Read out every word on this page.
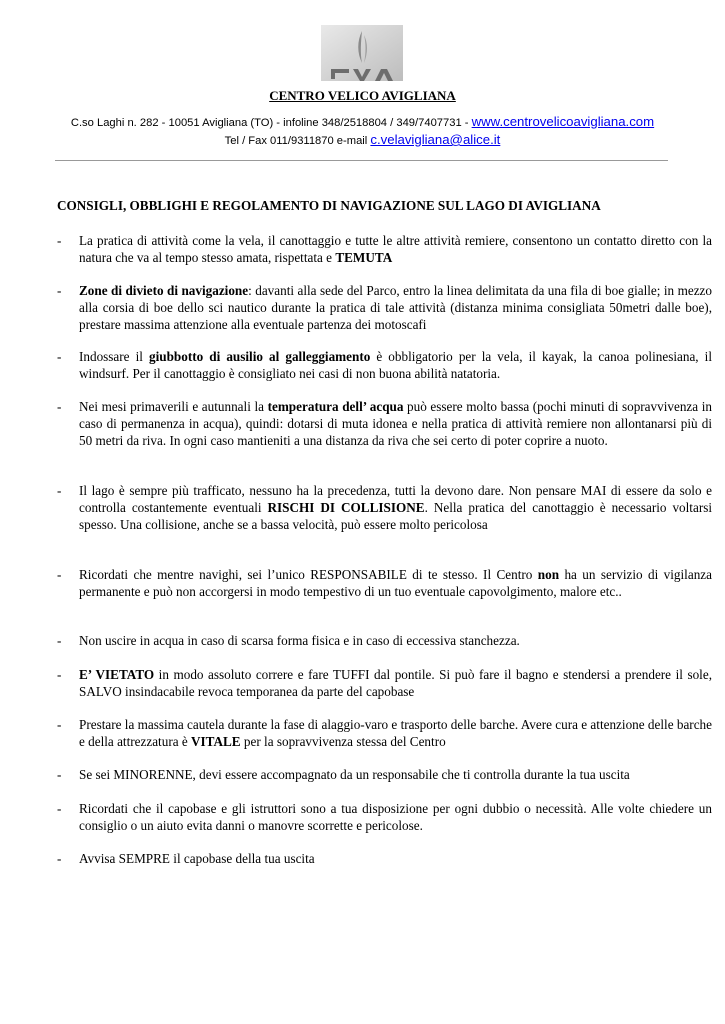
CENTRO VELICO AVIGLIANA
C.so Laghi n. 282 - 10051 Avigliana (TO) - infoline 348/2518804 / 349/7407731 - www.centrovelicoavigliana.com
Tel / Fax 011/9311870 e-mail c.velavigliana@alice.it
CONSIGLI, OBBLIGHI E REGOLAMENTO DI NAVIGAZIONE SUL LAGO DI AVIGLIANA
- La pratica di attività come la vela, il canottaggio e tutte le altre attività remiere, consentono un contatto diretto con la natura che va al tempo stesso amata, rispettata e TEMUTA
- Zone di divieto di navigazione: davanti alla sede del Parco, entro la linea delimitata da una fila di boe gialle; in mezzo alla corsia di boe dello sci nautico durante la pratica di tale attività (distanza minima consigliata 50metri dalle boe), prestare massima attenzione alla eventuale partenza dei motoscafi
- Indossare il giubbotto di ausilio al galleggiamento è obbligatorio per la vela, il kayak, la canoa polinesiana, il windsurf. Per il canottaggio è consigliato nei casi di non buona abilità natatoria.
- Nei mesi primaverili e autunnali la temperatura dell’ acqua può essere molto bassa (pochi minuti di sopravvivenza in caso di permanenza in acqua), quindi: dotarsi di muta idonea e nella pratica di attività remiere non allontanarsi più di 50 metri da riva. In ogni caso mantieniti a una distanza da riva che sei certo di poter coprire a nuoto.
- Il lago è sempre più trafficato, nessuno ha la precedenza, tutti la devono dare. Non pensare MAI di essere da solo e controlla costantemente eventuali RISCHI DI COLLISIONE. Nella pratica del canottaggio è necessario voltarsi spesso. Una collisione, anche se a bassa velocità, può essere molto pericolosa
- Ricordati che mentre navighi, sei l’unico RESPONSABILE di te stesso. Il Centro non ha un servizio di vigilanza permanente e può non accorgersi in modo tempestivo di un tuo eventuale capovolgimento, malore etc..
- Non uscire in acqua in caso di scarsa forma fisica e in caso di eccessiva stanchezza.
- E’ VIETATO in modo assoluto correre e fare TUFFI dal pontile. Si può fare il bagno e stendersi a prendere il sole, SALVO insindacabile revoca temporanea da parte del capobase
- Prestare la massima cautela durante la fase di alaggio-varo e trasporto delle barche. Avere cura e attenzione delle barche e della attrezzatura è VITALE per la sopravvivenza stessa del Centro
- Se sei MINORENNE, devi essere accompagnato da un responsabile che ti controlla durante la tua uscita
- Ricordati che il capobase e gli istruttori sono a tua disposizione per ogni dubbio o necessità. Alle volte chiedere un consiglio o un aiuto evita danni o manovre scorrette e pericolose.
- Avvisa SEMPRE il capobase della tua uscita
